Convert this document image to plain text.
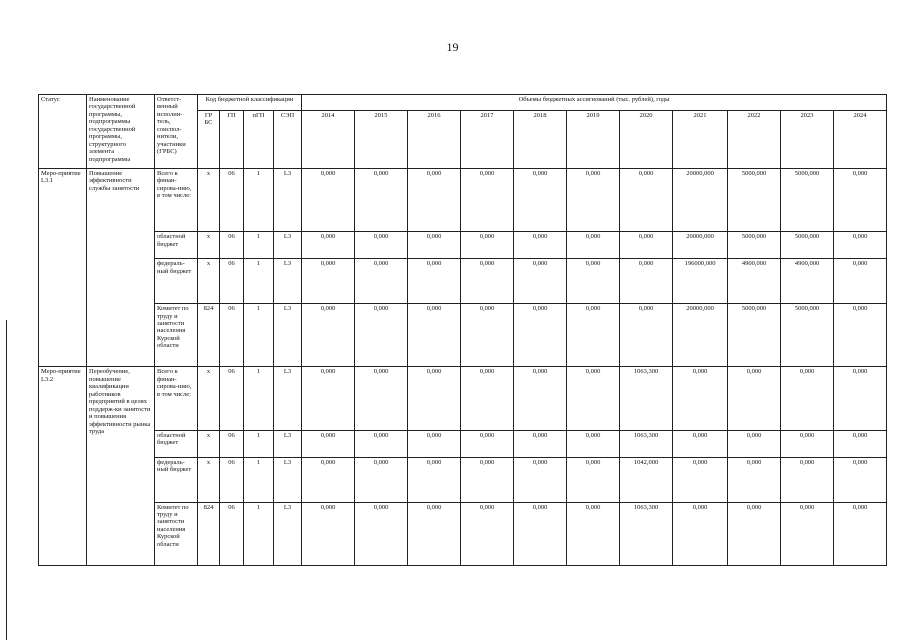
19
Статус	Наименование государственной программы, подпрограммы государственной программы, структурного элемента подпрограммы	Ответст-венный исполни-тель, соиспол-нители, участники (ГРБС)	Код бюджетной классификации				Объемы бюджетных ассигнований (тыс. рублей), годы										
			ГР БС	ГП	пГП	СЭП	2014	2015	2016	2017	2018	2019	2020	2021	2022	2023	2024
Меро-приятие L3.1	Повышение эффективности службы занятости	Всего к финан-сирова-нию, в том числе:	x	06	1	L3	0,000	0,000	0,000	0,000	0,000	0,000	0,000	20000,000	5000,000	5000,000	0,000
		областной бюджет	x	06	1	L3	0,000	0,000	0,000	0,000	0,000	0,000	0,000	20000,000	5000,000	5000,000	0,000
		федераль-ный бюджет	x	06	1	L3	0,000	0,000	0,000	0,000	0,000	0,000	0,000	196000,000	4900,000	4900,000	0,000
		Комитет по труду и занятости населения Курской области	824	06	1	L3	0,000	0,000	0,000	0,000	0,000	0,000	0,000	20000,000	5000,000	5000,000	0,000
Меро-приятие L3.2	Переобучение, повышение квалификации работников предприятий в целях поддерж-ки занятости и повышения эффективности рынка труда	Всего к финан-сирова-нию, в том числе:	x	06	1	L3	0,000	0,000	0,000	0,000	0,000	0,000	1063,300	0,000	0,000	0,000	0,000
		областной бюджет	x	06	1	L3	0,000	0,000	0,000	0,000	0,000	0,000	1063,300	0,000	0,000	0,000	0,000
		федераль-ный бюджет	x	06	1	L3	0,000	0,000	0,000	0,000	0,000	0,000	1042,000	0,000	0,000	0,000	0,000
		Комитет по труду и занятости населения Курской области	824	06	1	L3	0,000	0,000	0,000	0,000	0,000	0,000	1063,300	0,000	0,000	0,000	0,000
